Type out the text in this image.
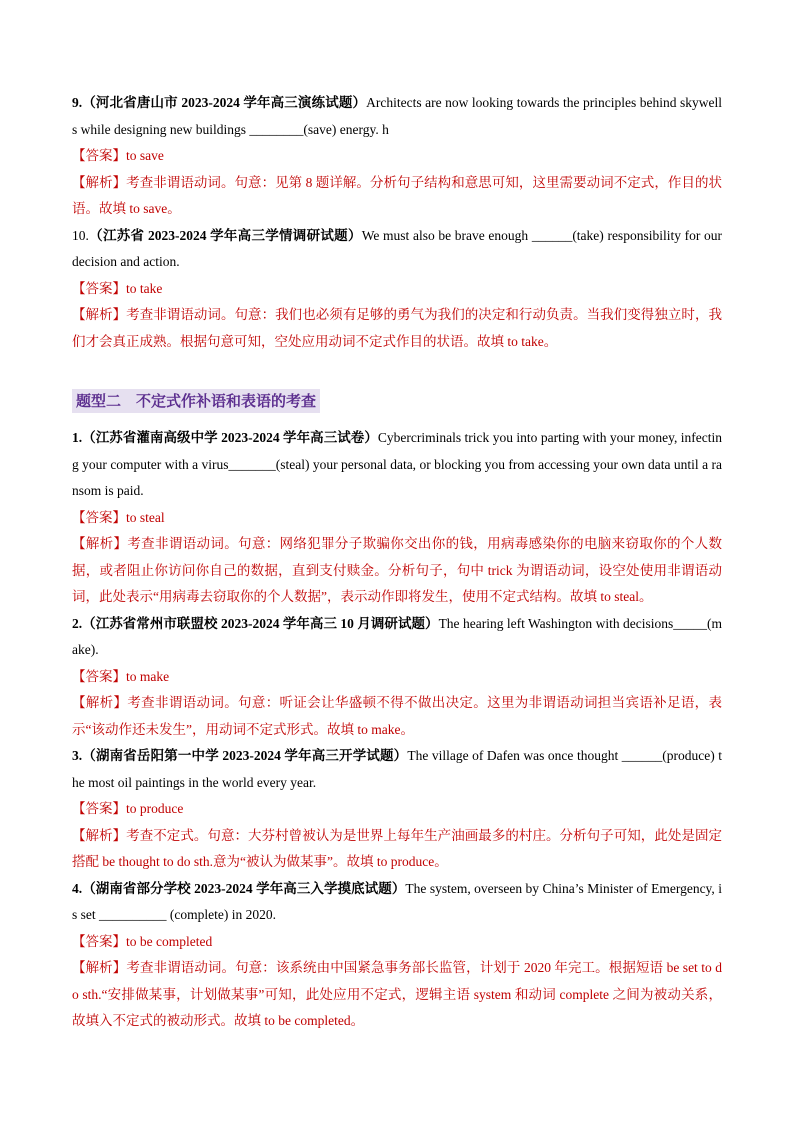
9.（河北省唐山市 2023-2024 学年高三演练试题）Architects are now looking towards the principles behind skywells while designing new buildings ________(save) energy. h

【答案】to save

【解析】考查非谓语动词。句意：见第 8 题详解。分析句子结构和意思可知，这里需要动词不定式，作目的状语。故填 to save。

10.（江苏省 2023-2024 学年高三学情调研试题）We must also be brave enough ______(take) responsibility for our decision and action.

【答案】to take

【解析】考查非谓语动词。句意：我们也必须有足够的勇气为我们的决定和行动负责。当我们变得独立时，我们才会真正成熟。根据句意可知，空处应用动词不定式作目的状语。故填 to take。

题型二　不定式作补语和表语的考查

1.（江苏省灌南高级中学 2023-2024 学年高三试卷）Cybercriminals trick you into parting with your money, infecting your computer with a virus_______(steal) your personal data, or blocking you from accessing your own data until a ransom is paid.

【答案】to steal

【解析】考查非谓语动词。句意：网络犯罪分子欺骗你交出你的钱，用病毒感染你的电脑来窃取你的个人数据，或者阻止你访问你自己的数据，直到支付赎金。分析句子，句中 trick 为谓语动词，设空处使用非谓语动词，此处表示“用病毒去窃取你的个人数据”，表示动作即将发生，使用不定式结构。故填 to steal。

2.（江苏省常州市联盟校 2023-2024 学年高三 10 月调研试题）The hearing left Washington with decisions_____(make).

【答案】to make

【解析】考查非谓语动词。句意：听证会让华盛顿不得不做出决定。这里为非谓语动词担当宾语补足语，表示“该动作还未发生”，用动词不定式形式。故填 to make。

3.（湖南省岳阳第一中学 2023-2024 学年高三开学试题）The village of Dafen was once thought ______(produce) the most oil paintings in the world every year.

【答案】to produce

【解析】考查不定式。句意：大芬村曾被认为是世界上每年生产油画最多的村庄。分析句子可知，此处是固定搭配 be thought to do sth.意为“被认为做某事”。故填 to produce。

4.（湖南省部分学校 2023-2024 学年高三入学摸底试题）The system, overseen by China’s Minister of Emergency, is set __________ (complete) in 2020.

【答案】to be completed

【解析】考查非谓语动词。句意：该系统由中国紧急事务部长监管，计划于 2020 年完工。根据短语 be set to do sth.“安排做某事，计划做某事”可知，此处应用不定式，逻辑主语 system 和动词 complete 之间为被动关系，故填入不定式的被动形式。故填 to be completed。
